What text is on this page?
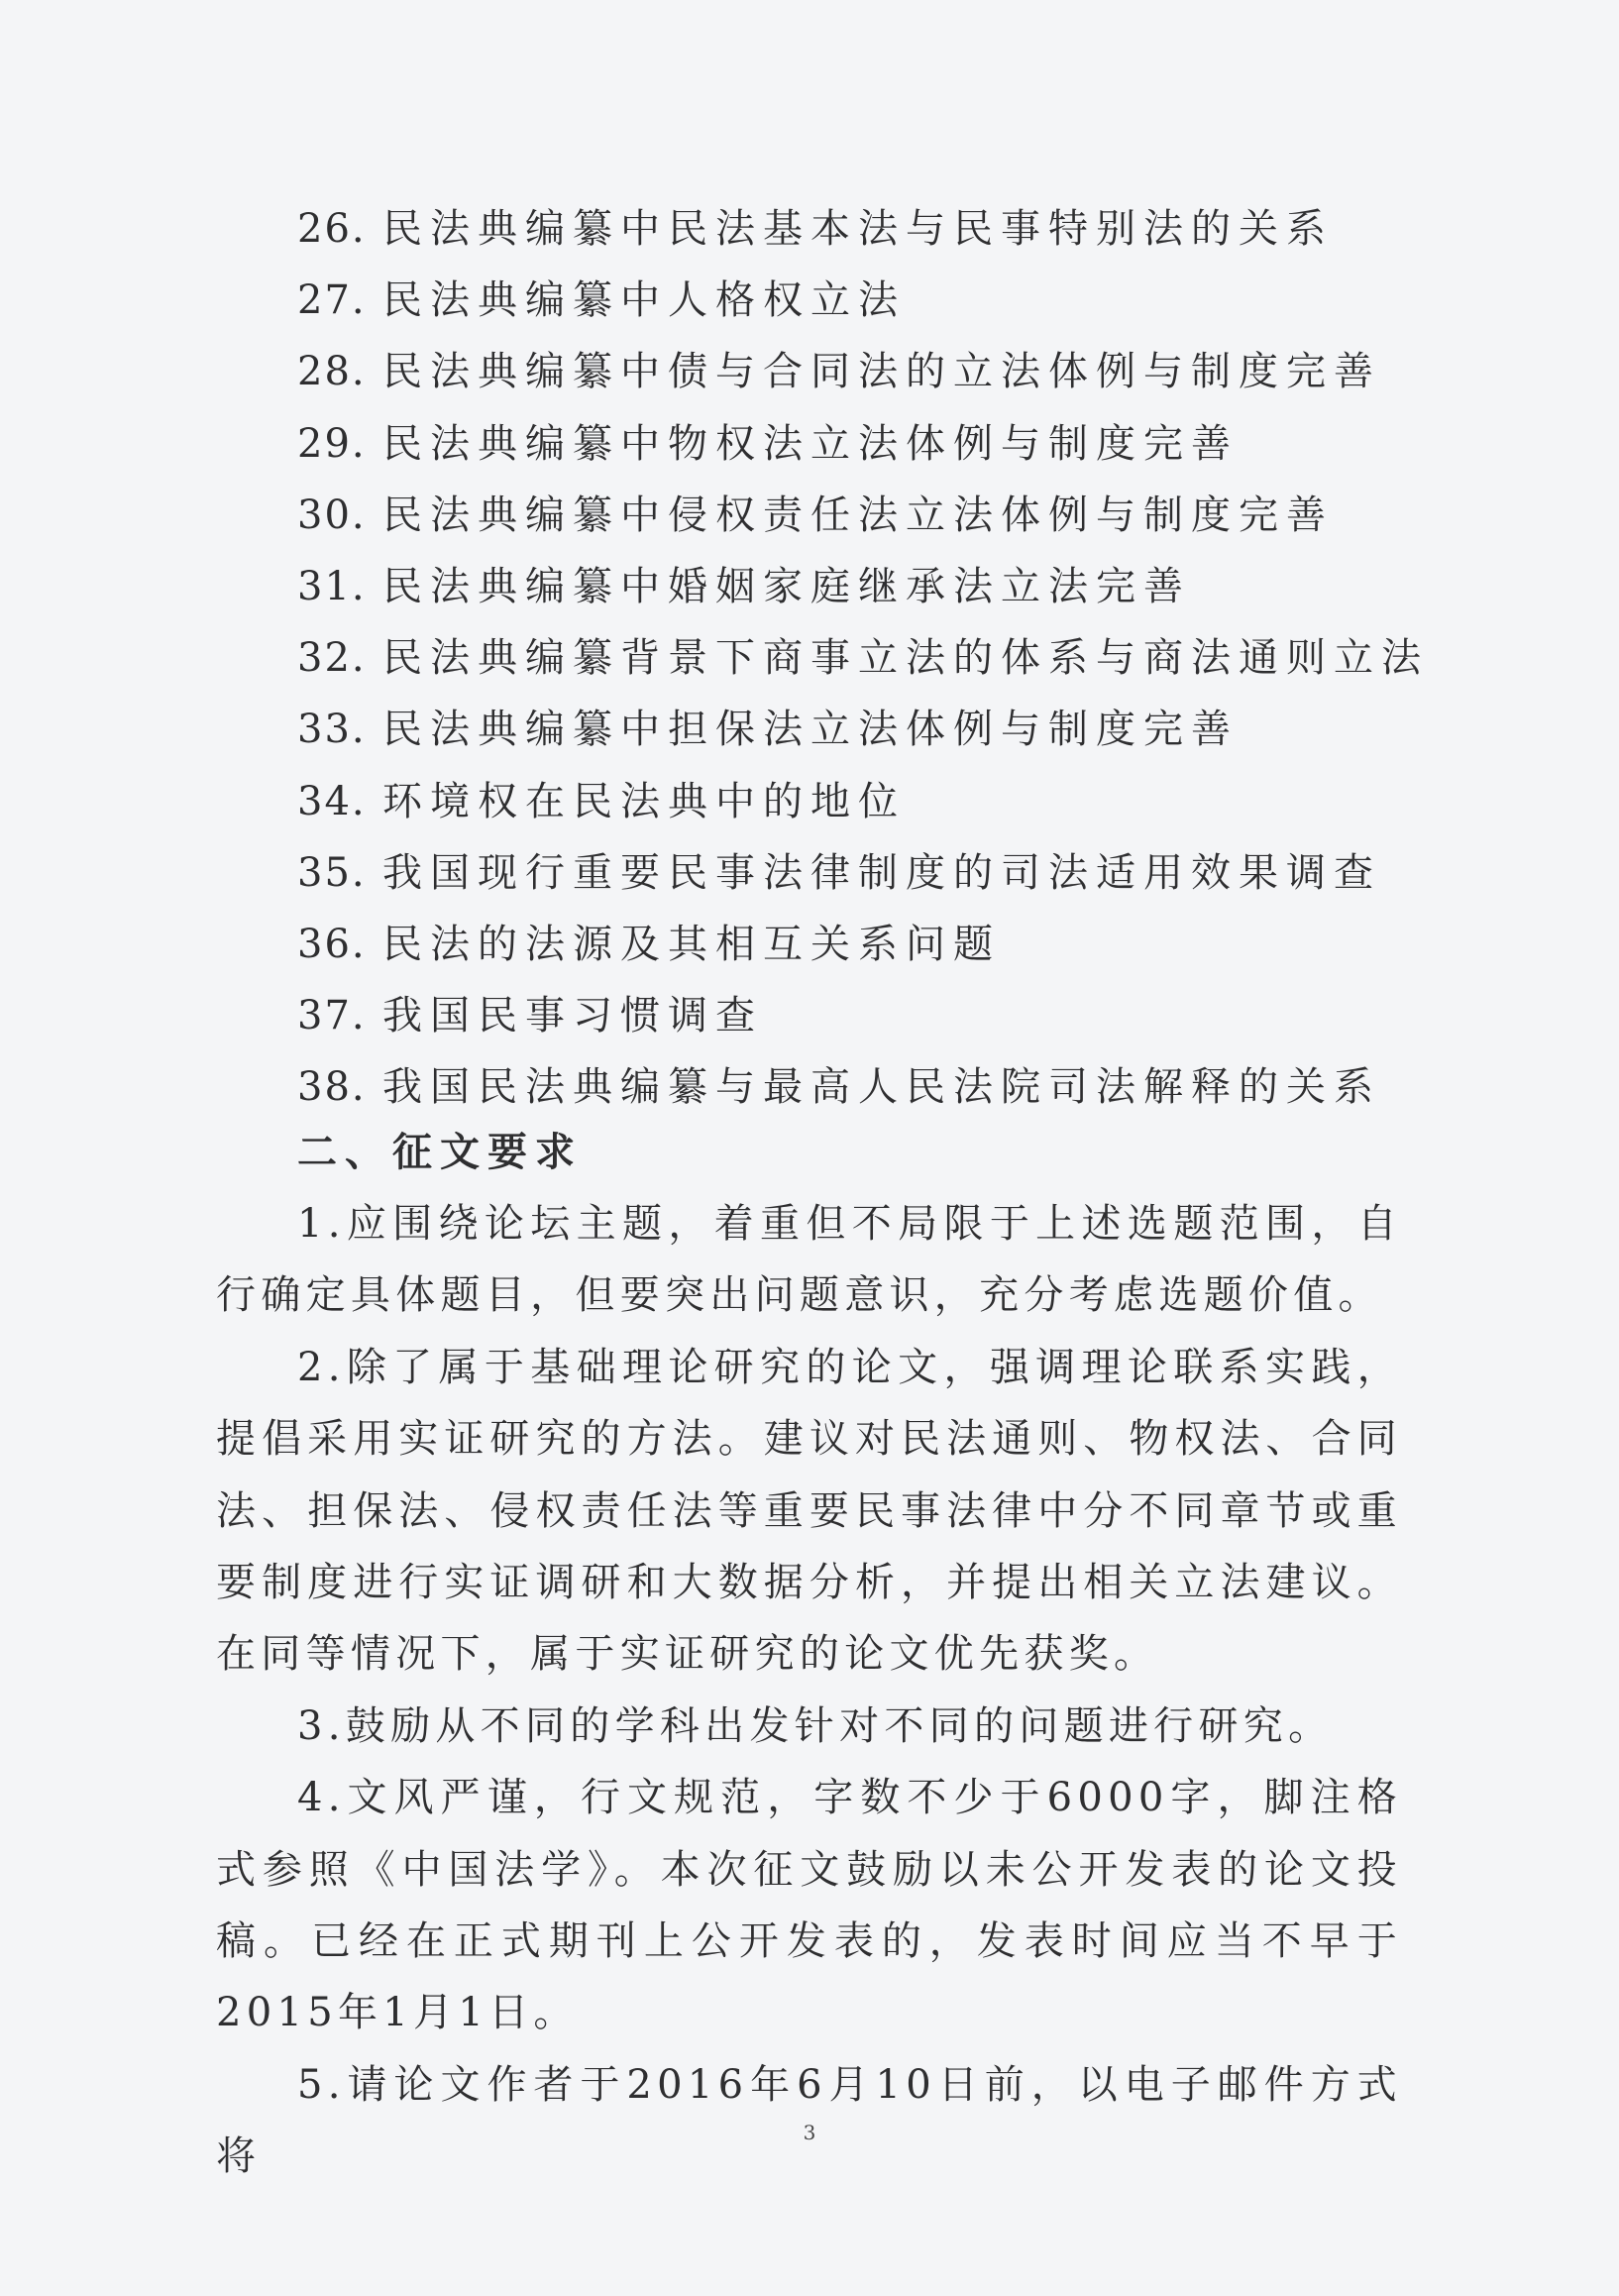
26. 民法典编纂中民法基本法与民事特别法的关系
27. 民法典编纂中人格权立法
28. 民法典编纂中债与合同法的立法体例与制度完善
29. 民法典编纂中物权法立法体例与制度完善
30. 民法典编纂中侵权责任法立法体例与制度完善
31. 民法典编纂中婚姻家庭继承法立法完善
32. 民法典编纂背景下商事立法的体系与商法通则立法
33. 民法典编纂中担保法立法体例与制度完善
34. 环境权在民法典中的地位
35. 我国现行重要民事法律制度的司法适用效果调查
36. 民法的法源及其相互关系问题
37. 我国民事习惯调查
38. 我国民法典编纂与最高人民法院司法解释的关系
二、征文要求

1.应围绕论坛主题，着重但不局限于上述选题范围，自行确定具体题目，但要突出问题意识，充分考虑选题价值。

2.除了属于基础理论研究的论文，强调理论联系实践，提倡采用实证研究的方法。建议对民法通则、物权法、合同法、担保法、侵权责任法等重要民事法律中分不同章节或重要制度进行实证调研和大数据分析，并提出相关立法建议。在同等情况下，属于实证研究的论文优先获奖。

3.鼓励从不同的学科出发针对不同的问题进行研究。

4.文风严谨，行文规范，字数不少于6000字，脚注格式参照《中国法学》。本次征文鼓励以未公开发表的论文投稿。已经在正式期刊上公开发表的，发表时间应当不早于2015年1月1日。

5.请论文作者于2016年6月10日前，以电子邮件方式将

3
